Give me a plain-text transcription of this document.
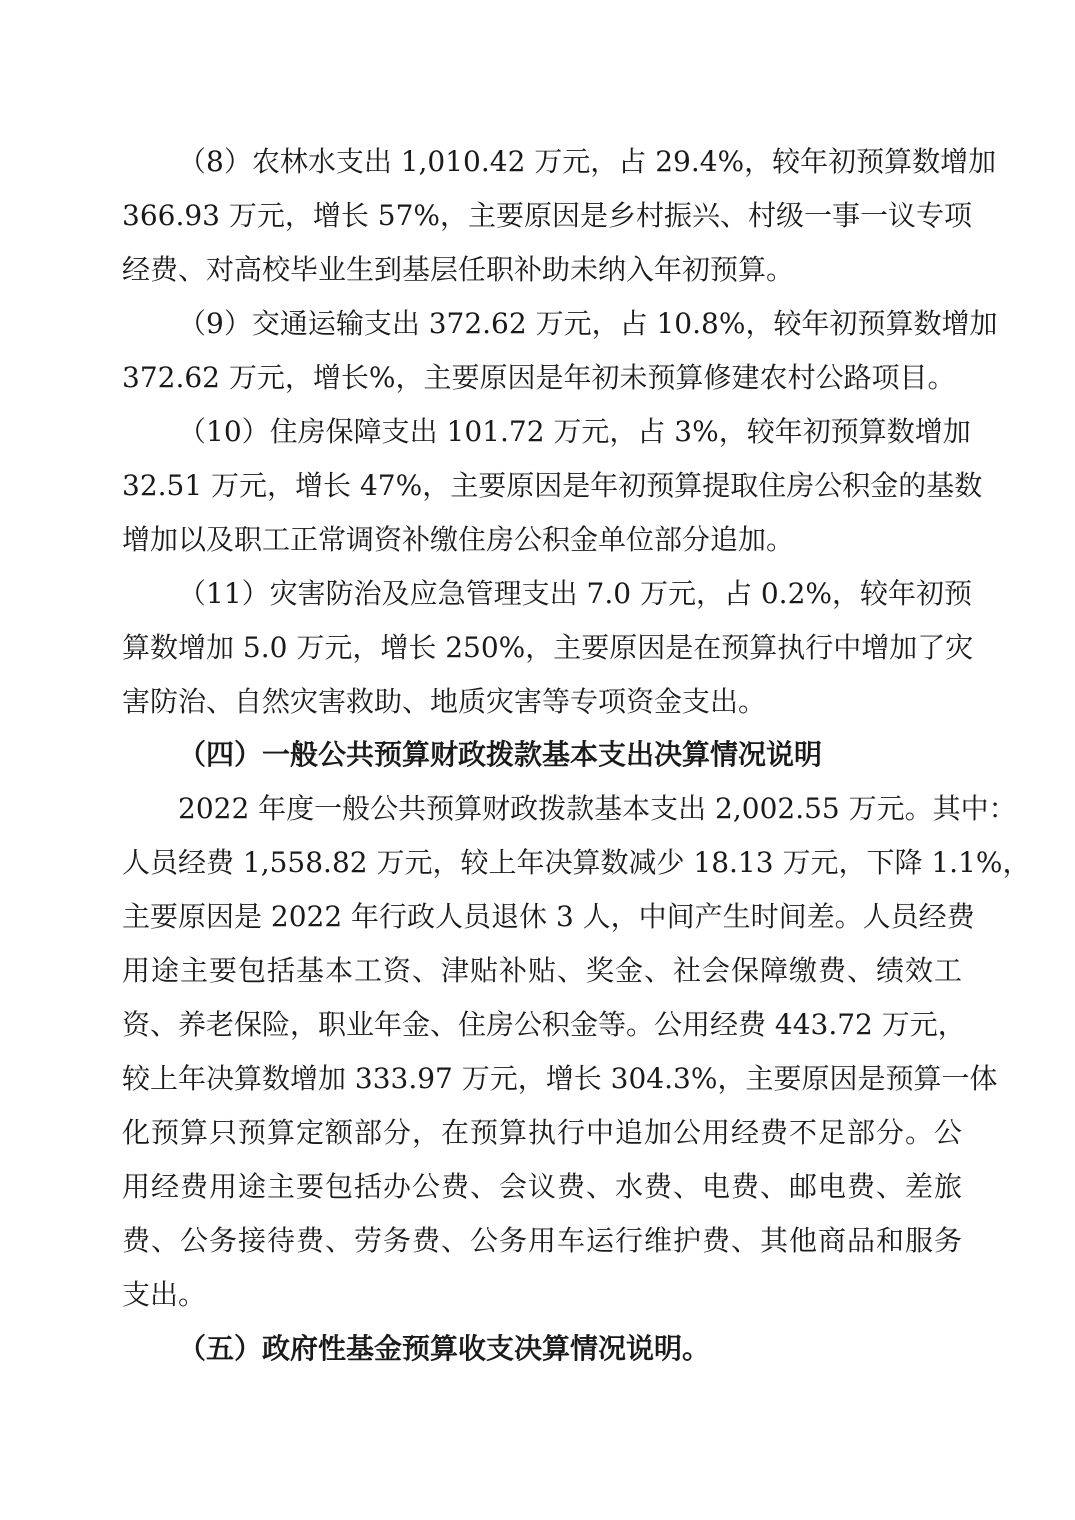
（8）农林水支出 1,010.42 万元，占 29.4%，较年初预算数增加
366.93 万元，增长 57%，主要原因是乡村振兴、村级一事一议专项
经费、对高校毕业生到基层任职补助未纳入年初预算。
（9）交通运输支出 372.62 万元，占 10.8%，较年初预算数增加
372.62 万元，增长%，主要原因是年初未预算修建农村公路项目。
（10）住房保障支出 101.72 万元，占 3%，较年初预算数增加
32.51 万元，增长 47%，主要原因是年初预算提取住房公积金的基数
增加以及职工正常调资补缴住房公积金单位部分追加。
（11）灾害防治及应急管理支出 7.0 万元，占 0.2%，较年初预
算数增加 5.0 万元，增长 250%，主要原因是在预算执行中增加了灾
害防治、自然灾害救助、地质灾害等专项资金支出。
（四）一般公共预算财政拨款基本支出决算情况说明
2022 年度一般公共预算财政拨款基本支出 2,002.55 万元。其中：
人员经费 1,558.82 万元，较上年决算数减少 18.13 万元，下降 1.1%，
主要原因是 2022 年行政人员退休 3 人，中间产生时间差。人员经费
用途主要包括基本工资、津贴补贴、奖金、社会保障缴费、绩效工
资、养老保险，职业年金、住房公积金等。公用经费 443.72 万元，
较上年决算数增加 333.97 万元，增长 304.3%，主要原因是预算一体
化预算只预算定额部分，在预算执行中追加公用经费不足部分。公
用经费用途主要包括办公费、会议费、水费、电费、邮电费、差旅
费、公务接待费、劳务费、公务用车运行维护费、其他商品和服务
支出。
（五）政府性基金预算收支决算情况说明。
